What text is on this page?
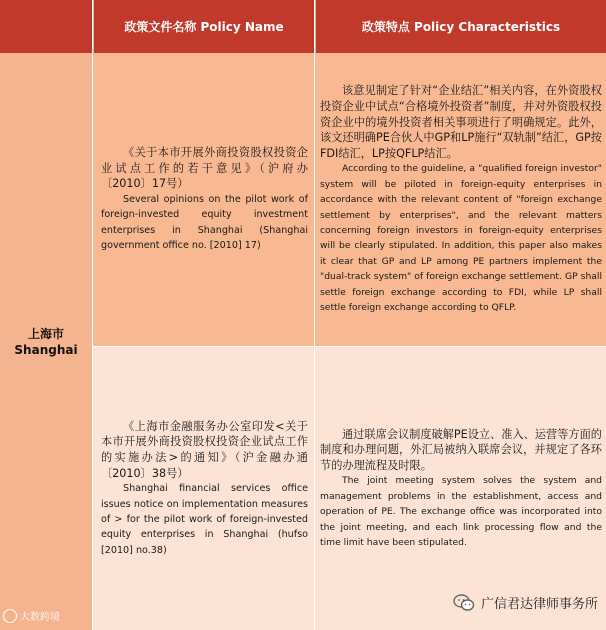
政策文件名称 Policy Name	政策特点 Policy Characteristics
上海市
Shanghai

《关于本市开展外商投资股权投资企业试点工作的若干意见》（沪府办〔2010〕17号）

Several opinions on the pilot work of foreign-invested equity investment enterprises in Shanghai (Shanghai government office no. [2010] 17)

该意见制定了针对“企业结汇”相关内容，在外资股权投资企业中试点“合格境外投资者”制度，并对外资股权投资企业中的境外投资者相关事项进行了明确规定。此外，该文还明确PE合伙人中GP和LP施行“双轨制”结汇，GP按FDI结汇，LP按QFLP结汇。

According to the guideline, a "qualified foreign investor" system will be piloted in foreign-equity enterprises in accordance with the relevant content of "foreign exchange settlement by enterprises", and the relevant matters concerning foreign investors in foreign-equity enterprises will be clearly stipulated. In addition, this paper also makes it clear that GP and LP among PE partners implement the "dual-track system" of foreign exchange settlement. GP shall settle foreign exchange according to FDI, while LP shall settle foreign exchange according to QFLP.

《上海市金融服务办公室印发<关于本市开展外商投资股权投资企业试点工作的实施办法>的通知》（沪金融办通〔2010〕38号）

Shanghai financial services office issues notice on implementation measures of > for the pilot work of foreign-invested equity enterprises in Shanghai (hufso [2010] no.38)

通过联席会议制度破解PE设立、准入、运营等方面的制度和办理问题，外汇局被纳入联席会议，并规定了各环节的办理流程及时限。

The joint meeting system solves the system and management problems in the establishment, access and operation of PE. The exchange office was incorporated into the joint meeting, and each link processing flow and the time limit have been stipulated.

大数跨境
广信君达律师事务所
